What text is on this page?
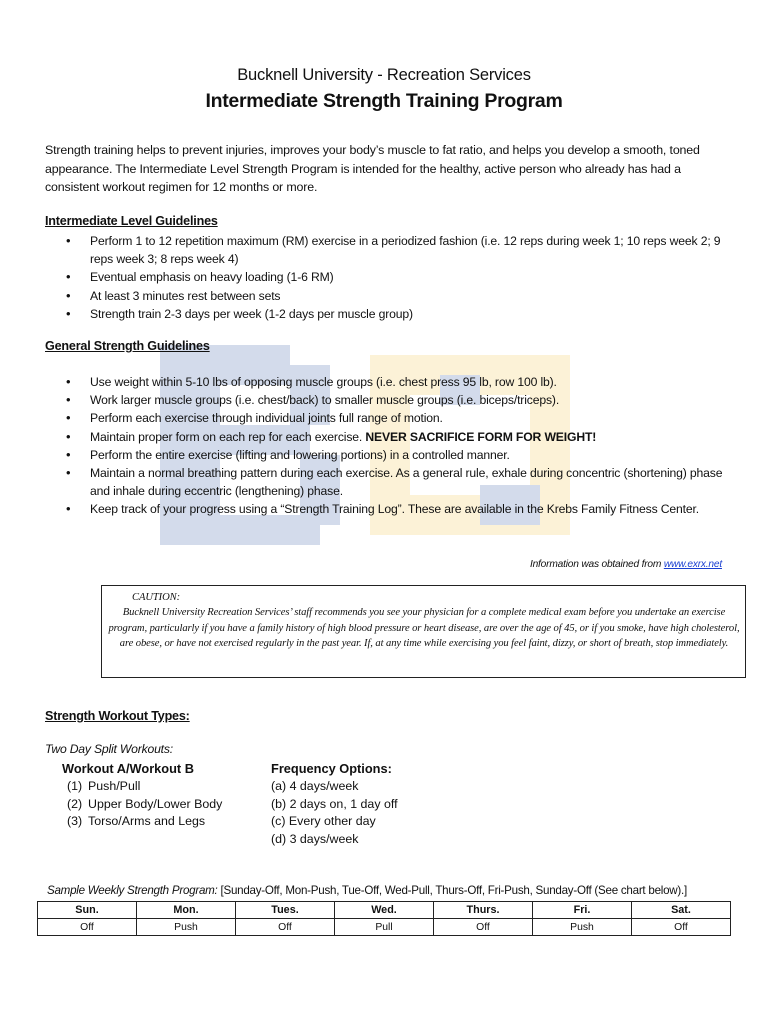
Bucknell University - Recreation Services
Intermediate Strength Training Program

Strength training helps to prevent injuries, improves your body’s muscle to fat ratio, and helps you develop a smooth, toned appearance. The Intermediate Level Strength Program is intended for the healthy, active person who already has had a consistent workout regimen for 12 months or more.

Intermediate Level Guidelines
• Perform 1 to 12 repetition maximum (RM) exercise in a periodized fashion (i.e. 12 reps during week 1; 10 reps week 2; 9 reps week 3; 8 reps week 4)
• Eventual emphasis on heavy loading (1-6 RM)
• At least 3 minutes rest between sets
• Strength train 2-3 days per week (1-2 days per muscle group)
General Strength Guidelines
• Use weight within 5-10 lbs of opposing muscle groups (i.e. chest press 95 lb, row 100 lb).
• Work larger muscle groups (i.e. chest/back) to smaller muscle groups (i.e. biceps/triceps).
• Perform each exercise through individual joints full range of motion.
• Maintain proper form on each rep for each exercise. NEVER SACRIFICE FORM FOR WEIGHT!
• Perform the entire exercise (lifting and lowering portions) in a controlled manner.
• Maintain a normal breathing pattern during each exercise. As a general rule, exhale during concentric (shortening) phase and inhale during eccentric (lengthening) phase.
• Keep track of your progress using a “Strength Training Log”. These are available in the Krebs Family Fitness Center.
Information was obtained from www.exrx.net
CAUTION:
Bucknell University Recreation Services’ staff recommends you see your physician for a complete medical exam before you undertake an exercise program, particularly if you have a family history of high blood pressure or heart disease, are over the age of 45, or if you smoke, have high cholesterol, are obese, or have not exercised regularly in the past year. If, at any time while exercising you feel faint, dizzy, or short of breath, stop immediately.
Strength Workout Types:
Two Day Split Workouts:
Workout A/Workout B
(1) Push/Pull
(2) Upper Body/Lower Body
(3) Torso/Arms and Legs
Frequency Options:
(a) 4 days/week
(b) 2 days on, 1 day off
(c) Every other day
(d) 3 days/week
Sample Weekly Strength Program: [Sunday-Off, Mon-Push, Tue-Off, Wed-Pull, Thurs-Off, Fri-Push, Sunday-Off (See chart below).]
Sun.	Mon.	Tues.	Wed.	Thurs.	Fri.	Sat.
Off	Push	Off	Pull	Off	Push	Off
